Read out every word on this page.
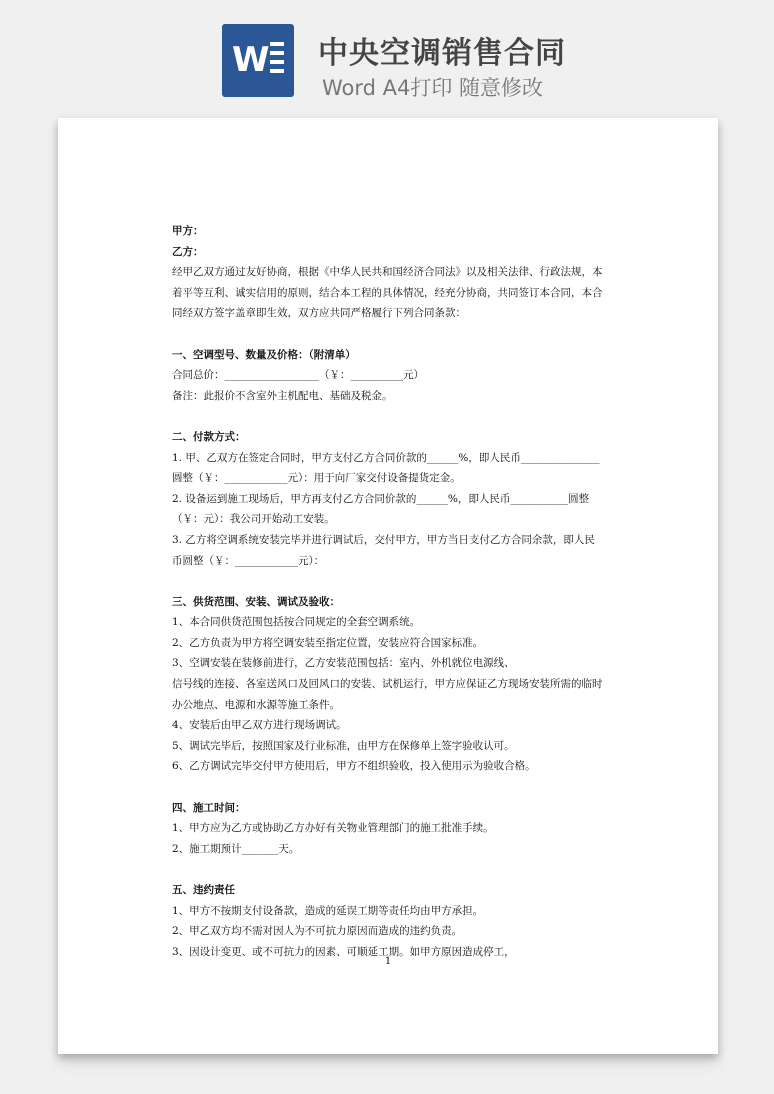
W 中央空调销售合同
Word A4打印 随意修改

甲方：

乙方：

经甲乙双方通过友好协商，根据《中华人民共和国经济合同法》以及相关法律、行政法规，本着平等互利、诚实信用的原则，结合本工程的具体情况，经充分协商，共同签订本合同，本合同经双方签字盖章即生效，双方应共同严格履行下列合同条款：

一、空调型号、数量及价格：（附清单）

合同总价：__________________（￥：__________元）

备注：此报价不含室外主机配电、基础及税金。

二、付款方式：

1. 甲、乙双方在签定合同时，甲方支付乙方合同价款的______%，即人民币_______________圆整（￥：____________元）：用于向厂家交付设备提货定金。

2. 设备运到施工现场后，甲方再支付乙方合同价款的______%，即人民币___________圆整（￥：元）：我公司开始动工安装。

3. 乙方将空调系统安装完毕并进行调试后，交付甲方，甲方当日支付乙方合同余款，即人民币圆整（￥：____________元）：

三、供货范围、安装、调试及验收：

1、本合同供货范围包括按合同规定的全套空调系统。

2、乙方负责为甲方将空调安装至指定位置，安装应符合国家标准。

3、空调安装在装修前进行，乙方安装范围包括：室内、外机就位电源线、

信号线的连接、各室送风口及回风口的安装、试机运行，甲方应保证乙方现场安装所需的临时办公地点、电源和水源等施工条件。

4、安装后由甲乙双方进行现场调试。

5、调试完毕后，按照国家及行业标准，由甲方在保修单上签字验收认可。

6、乙方调试完毕交付甲方使用后，甲方不组织验收，投入使用示为验收合格。

四、施工时间：

1、甲方应为乙方或协助乙方办好有关物业管理部门的施工批准手续。

2、施工期预计_______天。

五、违约责任

1、甲方不按期支付设备款，造成的延误工期等责任均由甲方承担。

2、甲乙双方均不需对因人为不可抗力原因而造成的违约负责。

3、因设计变更、或不可抗力的因素、可顺延工期。如甲方原因造成停工，

1
